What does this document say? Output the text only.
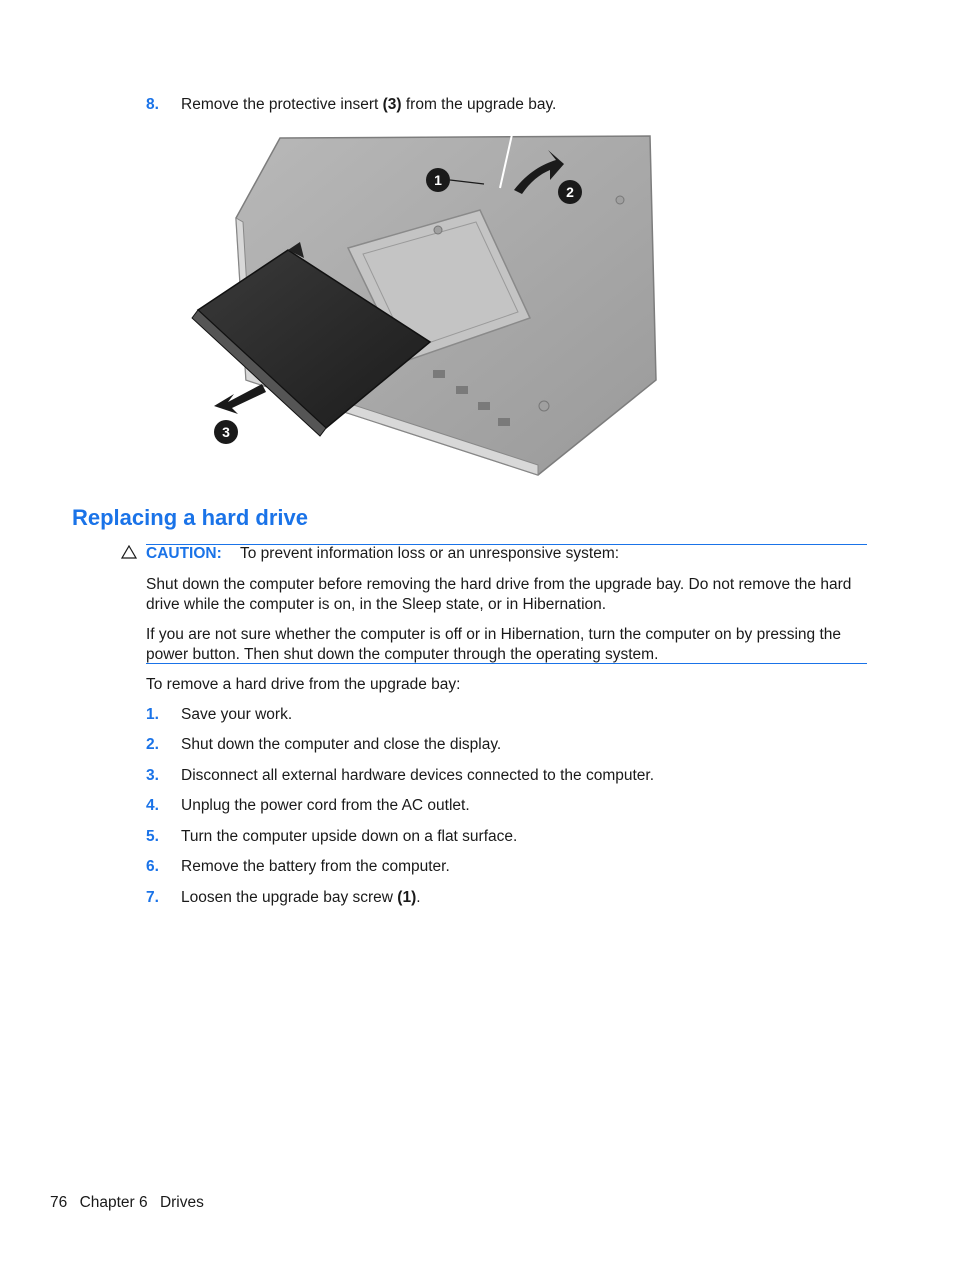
8. Remove the protective insert (3) from the upgrade bay.
1
2
3
Replacing a hard drive
CAUTION: To prevent information loss or an unresponsive system:

Shut down the computer before removing the hard drive from the upgrade bay. Do not remove the hard drive while the computer is on, in the Sleep state, or in Hibernation.

If you are not sure whether the computer is off or in Hibernation, turn the computer on by pressing the power button. Then shut down the computer through the operating system.

To remove a hard drive from the upgrade bay:

1. Save your work.
2. Shut down the computer and close the display.
3. Disconnect all external hardware devices connected to the computer.
4. Unplug the power cord from the AC outlet.
5. Turn the computer upside down on a flat surface.
6. Remove the battery from the computer.
7. Loosen the upgrade bay screw (1).
76 Chapter 6 Drives
